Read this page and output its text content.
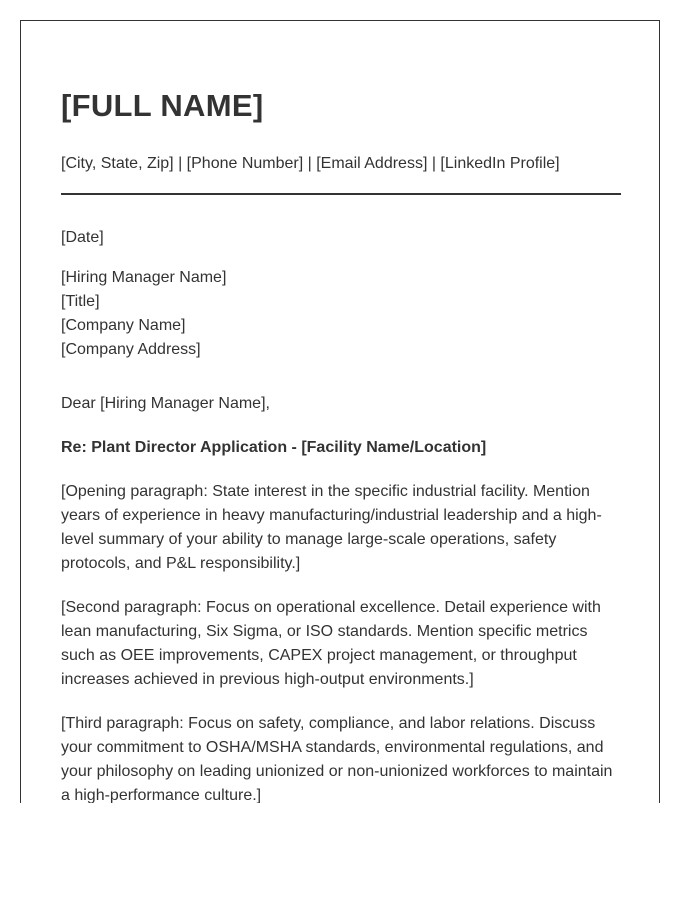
[FULL NAME]
[City, State, Zip] | [Phone Number] | [Email Address] | [LinkedIn Profile]
[Date]
[Hiring Manager Name]
[Title]
[Company Name]
[Company Address]
Dear [Hiring Manager Name],
Re: Plant Director Application - [Facility Name/Location]
[Opening paragraph: State interest in the specific industrial facility. Mention years of experience in heavy manufacturing/industrial leadership and a high-level summary of your ability to manage large-scale operations, safety protocols, and P&L responsibility.]
[Second paragraph: Focus on operational excellence. Detail experience with lean manufacturing, Six Sigma, or ISO standards. Mention specific metrics such as OEE improvements, CAPEX project management, or throughput increases achieved in previous high-output environments.]
[Third paragraph: Focus on safety, compliance, and labor relations. Discuss your commitment to OSHA/MSHA standards, environmental regulations, and your philosophy on leading unionized or non-unionized workforces to maintain a high-performance culture.]
